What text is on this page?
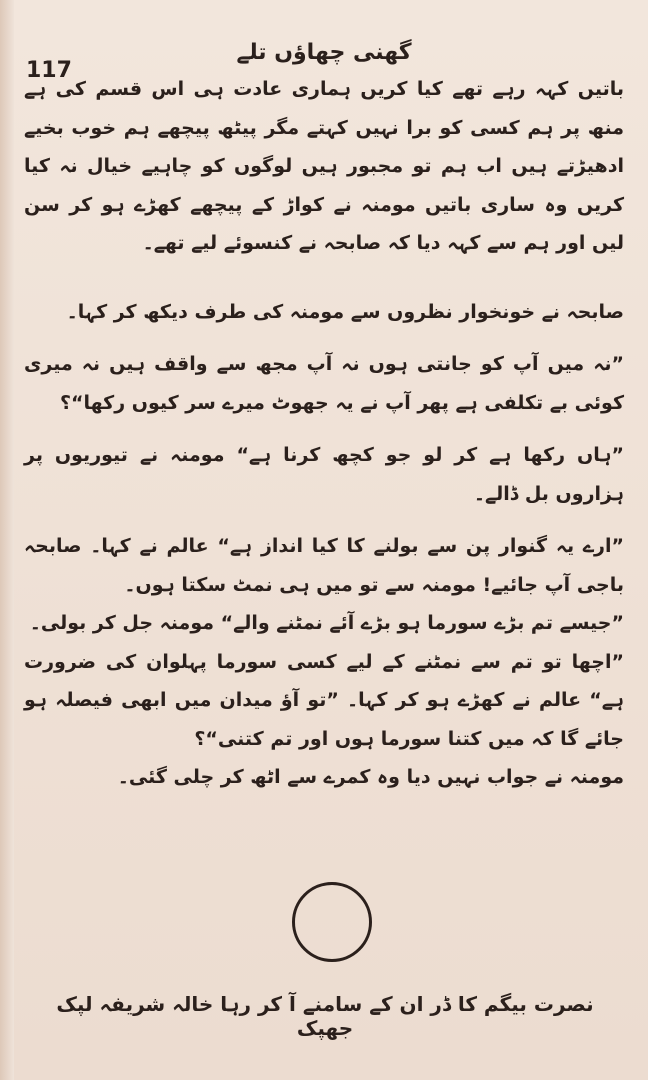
117
گھنی چھاؤں تلے

باتیں کہہ رہے تھے کیا کریں ہماری عادت ہی اس قسم کی ہے منھ پر ہم کسی کو برا نہیں کہتے مگر پیٹھ پیچھے ہم خوب بخیے ادھیڑتے ہیں اب ہم تو مجبور ہیں لوگوں کو چاہیے خیال نہ کیا کریں وہ ساری باتیں مومنہ نے کواڑ کے پیچھے کھڑے ہو کر سن لیں اور ہم سے کہہ دیا کہ صابحہ نے کنسوئے لیے تھے۔

صابحہ نے خونخوار نظروں سے مومنہ کی طرف دیکھ کر کہا۔

”نہ میں آپ کو جانتی ہوں نہ آپ مجھ سے واقف ہیں نہ میری کوئی بے تکلفی ہے پھر آپ نے یہ جھوٹ میرے سر کیوں رکھا“؟

”ہاں رکھا ہے کر لو جو کچھ کرنا ہے“ مومنہ نے تیوریوں پر ہزاروں بل ڈالے۔

”ارے یہ گنوار پن سے بولنے کا کیا انداز ہے“ عالم نے کہا۔ صابحہ باجی آپ جائیے! مومنہ سے تو میں ہی نمٹ سکتا ہوں۔

”جیسے تم بڑے سورما ہو بڑے آئے نمٹنے والے“ مومنہ جل کر بولی۔

”اچھا تو تم سے نمٹنے کے لیے کسی سورما پہلوان کی ضرورت ہے“ عالم نے کھڑے ہو کر کہا۔ ”تو آؤ میدان میں ابھی فیصلہ ہو جائے گا کہ میں کتنا سورما ہوں اور تم کتنی“؟

مومنہ نے جواب نہیں دیا وہ کمرے سے اٹھ کر چلی گئی۔

نصرت بیگم کا ڈر ان کے سامنے آ کر رہا خالہ شریفہ لپک جھپک
